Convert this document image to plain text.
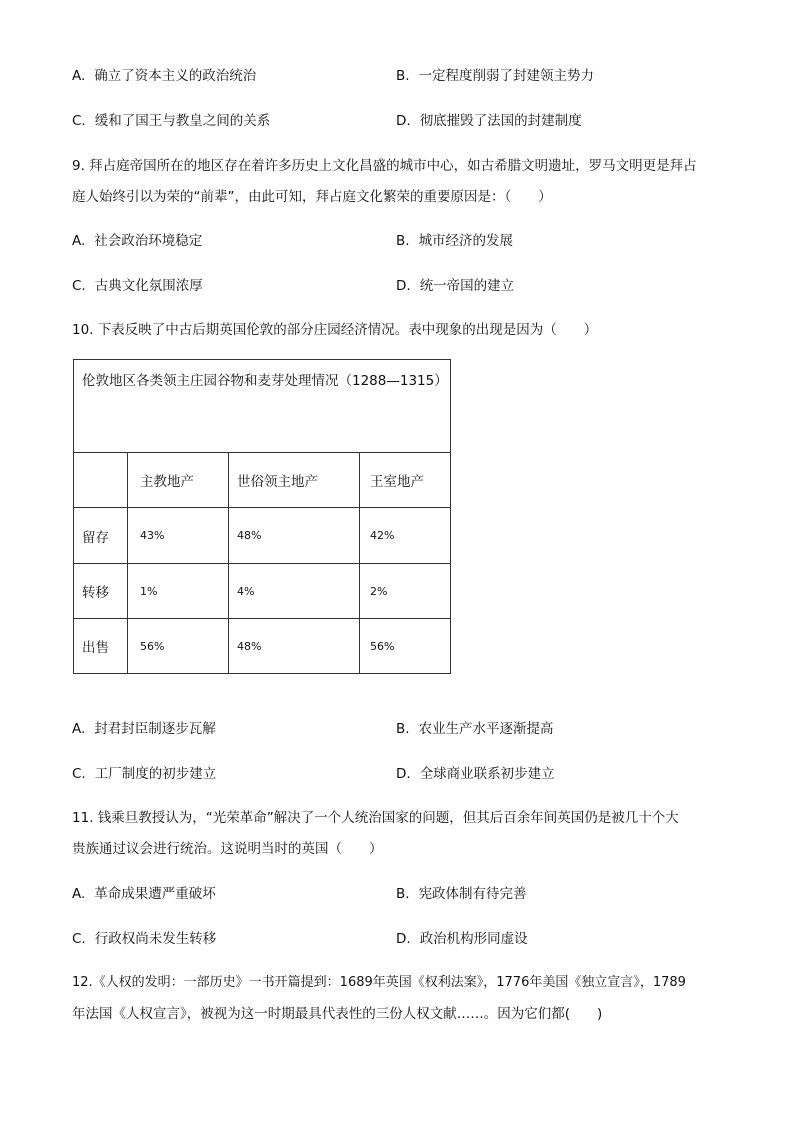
A. 确立了资本主义的政治统治	B. 一定程度削弱了封建领主势力
C. 缓和了国王与教皇之间的关系	D. 彻底摧毁了法国的封建制度
9. 拜占庭帝国所在的地区存在着许多历史上文化昌盛的城市中心，如古希腊文明遗址，罗马文明更是拜占
庭人始终引以为荣的“前辈”，由此可知，拜占庭文化繁荣的重要原因是：（　　）
A. 社会政治环境稳定	B. 城市经济的发展
C. 古典文化氛围浓厚	D. 统一帝国的建立
10. 下表反映了中古后期英国伦敦的部分庄园经济情况。表中现象的出现是因为（　　）
伦敦地区各类领主庄园谷物和麦芽处理情况（1288—1315）			
	主教地产	世俗领主地产	王室地产
留存	43%	48%	42%
转移	1%	4%	2%
出售	56%	48%	56%
A. 封君封臣制逐步瓦解	B. 农业生产水平逐渐提高
C. 工厂制度的初步建立	D. 全球商业联系初步建立
11. 钱乘旦教授认为，“光荣革命”解决了一个人统治国家的问题，但其后百余年间英国仍是被几十个大
贵族通过议会进行统治。这说明当时的英国（　　）
A. 革命成果遭严重破坏	B. 宪政体制有待完善
C. 行政权尚未发生转移	D. 政治机构形同虚设
12.《人权的发明：一部历史》一书开篇提到：1689年英国《权利法案》，1776年美国《独立宣言》，1789
年法国《人权宣言》，被视为这一时期最具代表性的三份人权文献……。因为它们都(　　)
